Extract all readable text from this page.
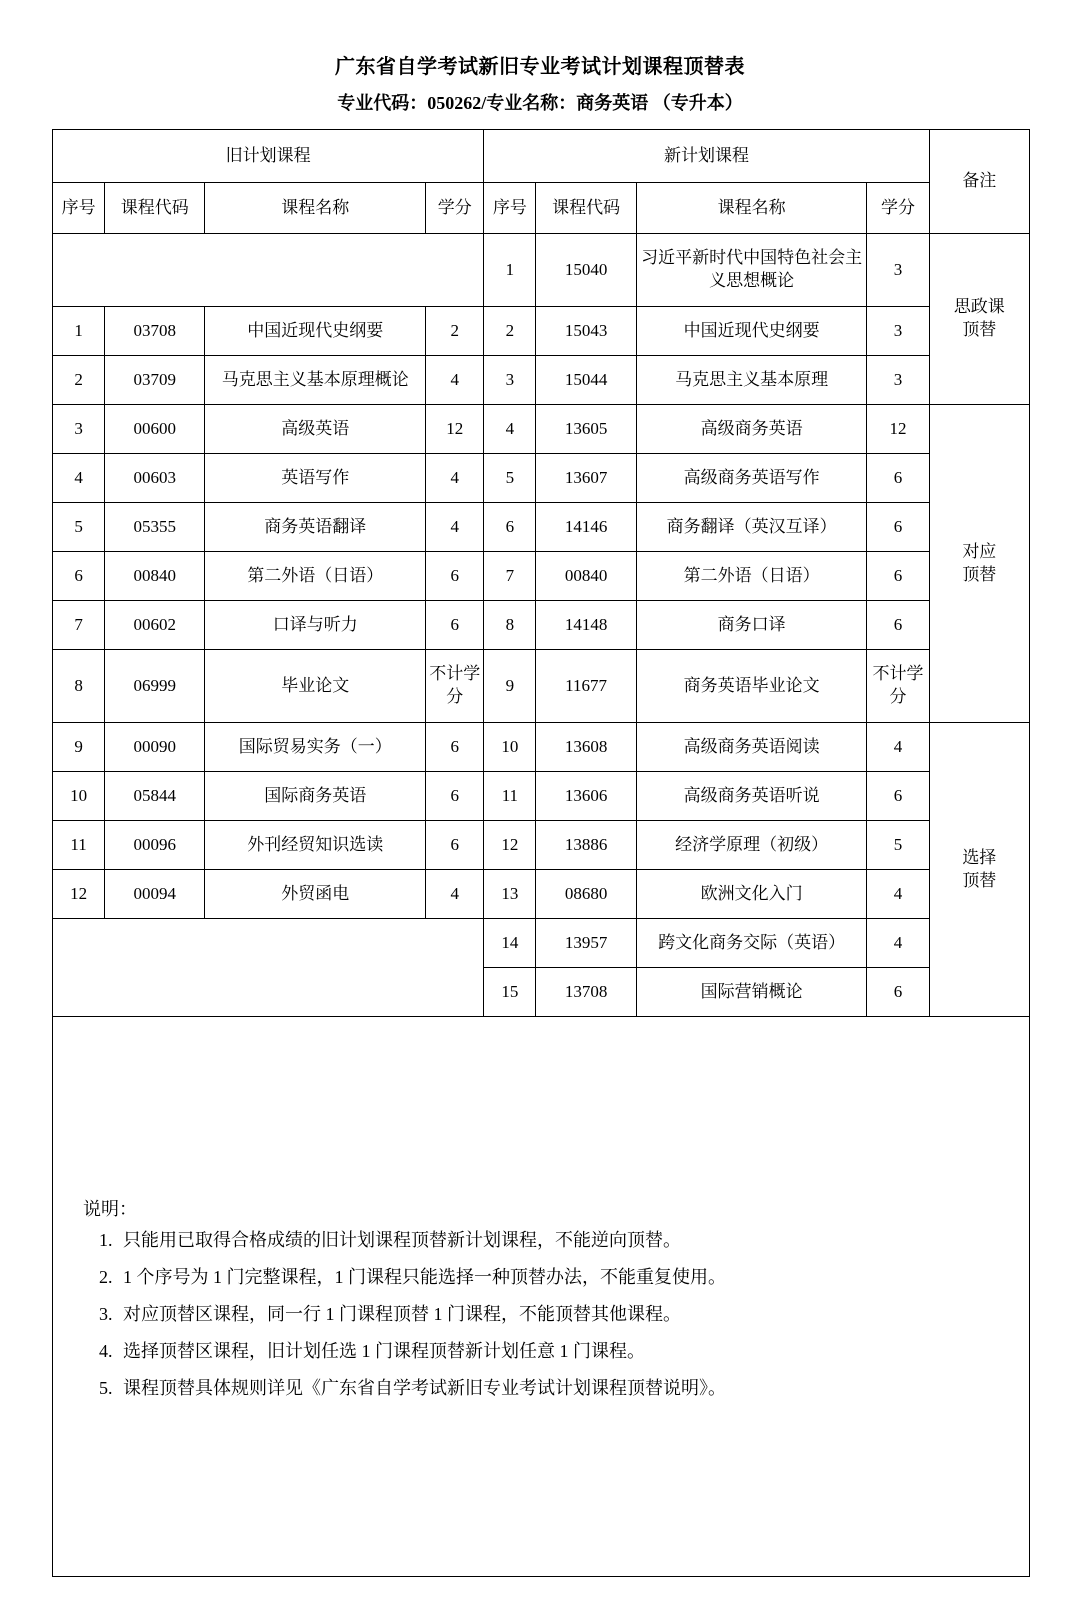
广东省自学考试新旧专业考试计划课程顶替表
专业代码：050262/专业名称：商务英语 （专升本）
旧计划课程				新计划课程				备注
序号	课程代码	课程名称	学分	序号	课程代码	课程名称	学分	
				1	15040	习近平新时代中国特色社会主义思想概论	3	思政课
顶替
1	03708	中国近现代史纲要	2	2	15043	中国近现代史纲要	3	
2	03709	马克思主义基本原理概论	4	3	15044	马克思主义基本原理	3	
3	00600	高级英语	12	4	13605	高级商务英语	12	对应
顶替
4	00603	英语写作	4	5	13607	高级商务英语写作	6	
5	05355	商务英语翻译	4	6	14146	商务翻译（英汉互译）	6	
6	00840	第二外语（日语）	6	7	00840	第二外语（日语）	6	
7	00602	口译与听力	6	8	14148	商务口译	6	
8	06999	毕业论文	不计学分	9	11677	商务英语毕业论文	不计学分	
9	00090	国际贸易实务（一）	6	10	13608	高级商务英语阅读	4	选择
顶替
10	05844	国际商务英语	6	11	13606	高级商务英语听说	6	
11	00096	外刊经贸知识选读	6	12	13886	经济学原理（初级）	5	
12	00094	外贸函电	4	13	08680	欧洲文化入门	4	
				14	13957	跨文化商务交际（英语）	4	
				15	13708	国际营销概论	6	
说明：
1. 只能用已取得合格成绩的旧计划课程顶替新计划课程，不能逆向顶替。
2. 1 个序号为 1 门完整课程，1 门课程只能选择一种顶替办法，不能重复使用。
3. 对应顶替区课程，同一行 1 门课程顶替 1 门课程，不能顶替其他课程。
4. 选择顶替区课程，旧计划任选 1 门课程顶替新计划任意 1 门课程。
5. 课程顶替具体规则详见《广东省自学考试新旧专业考试计划课程顶替说明》。
